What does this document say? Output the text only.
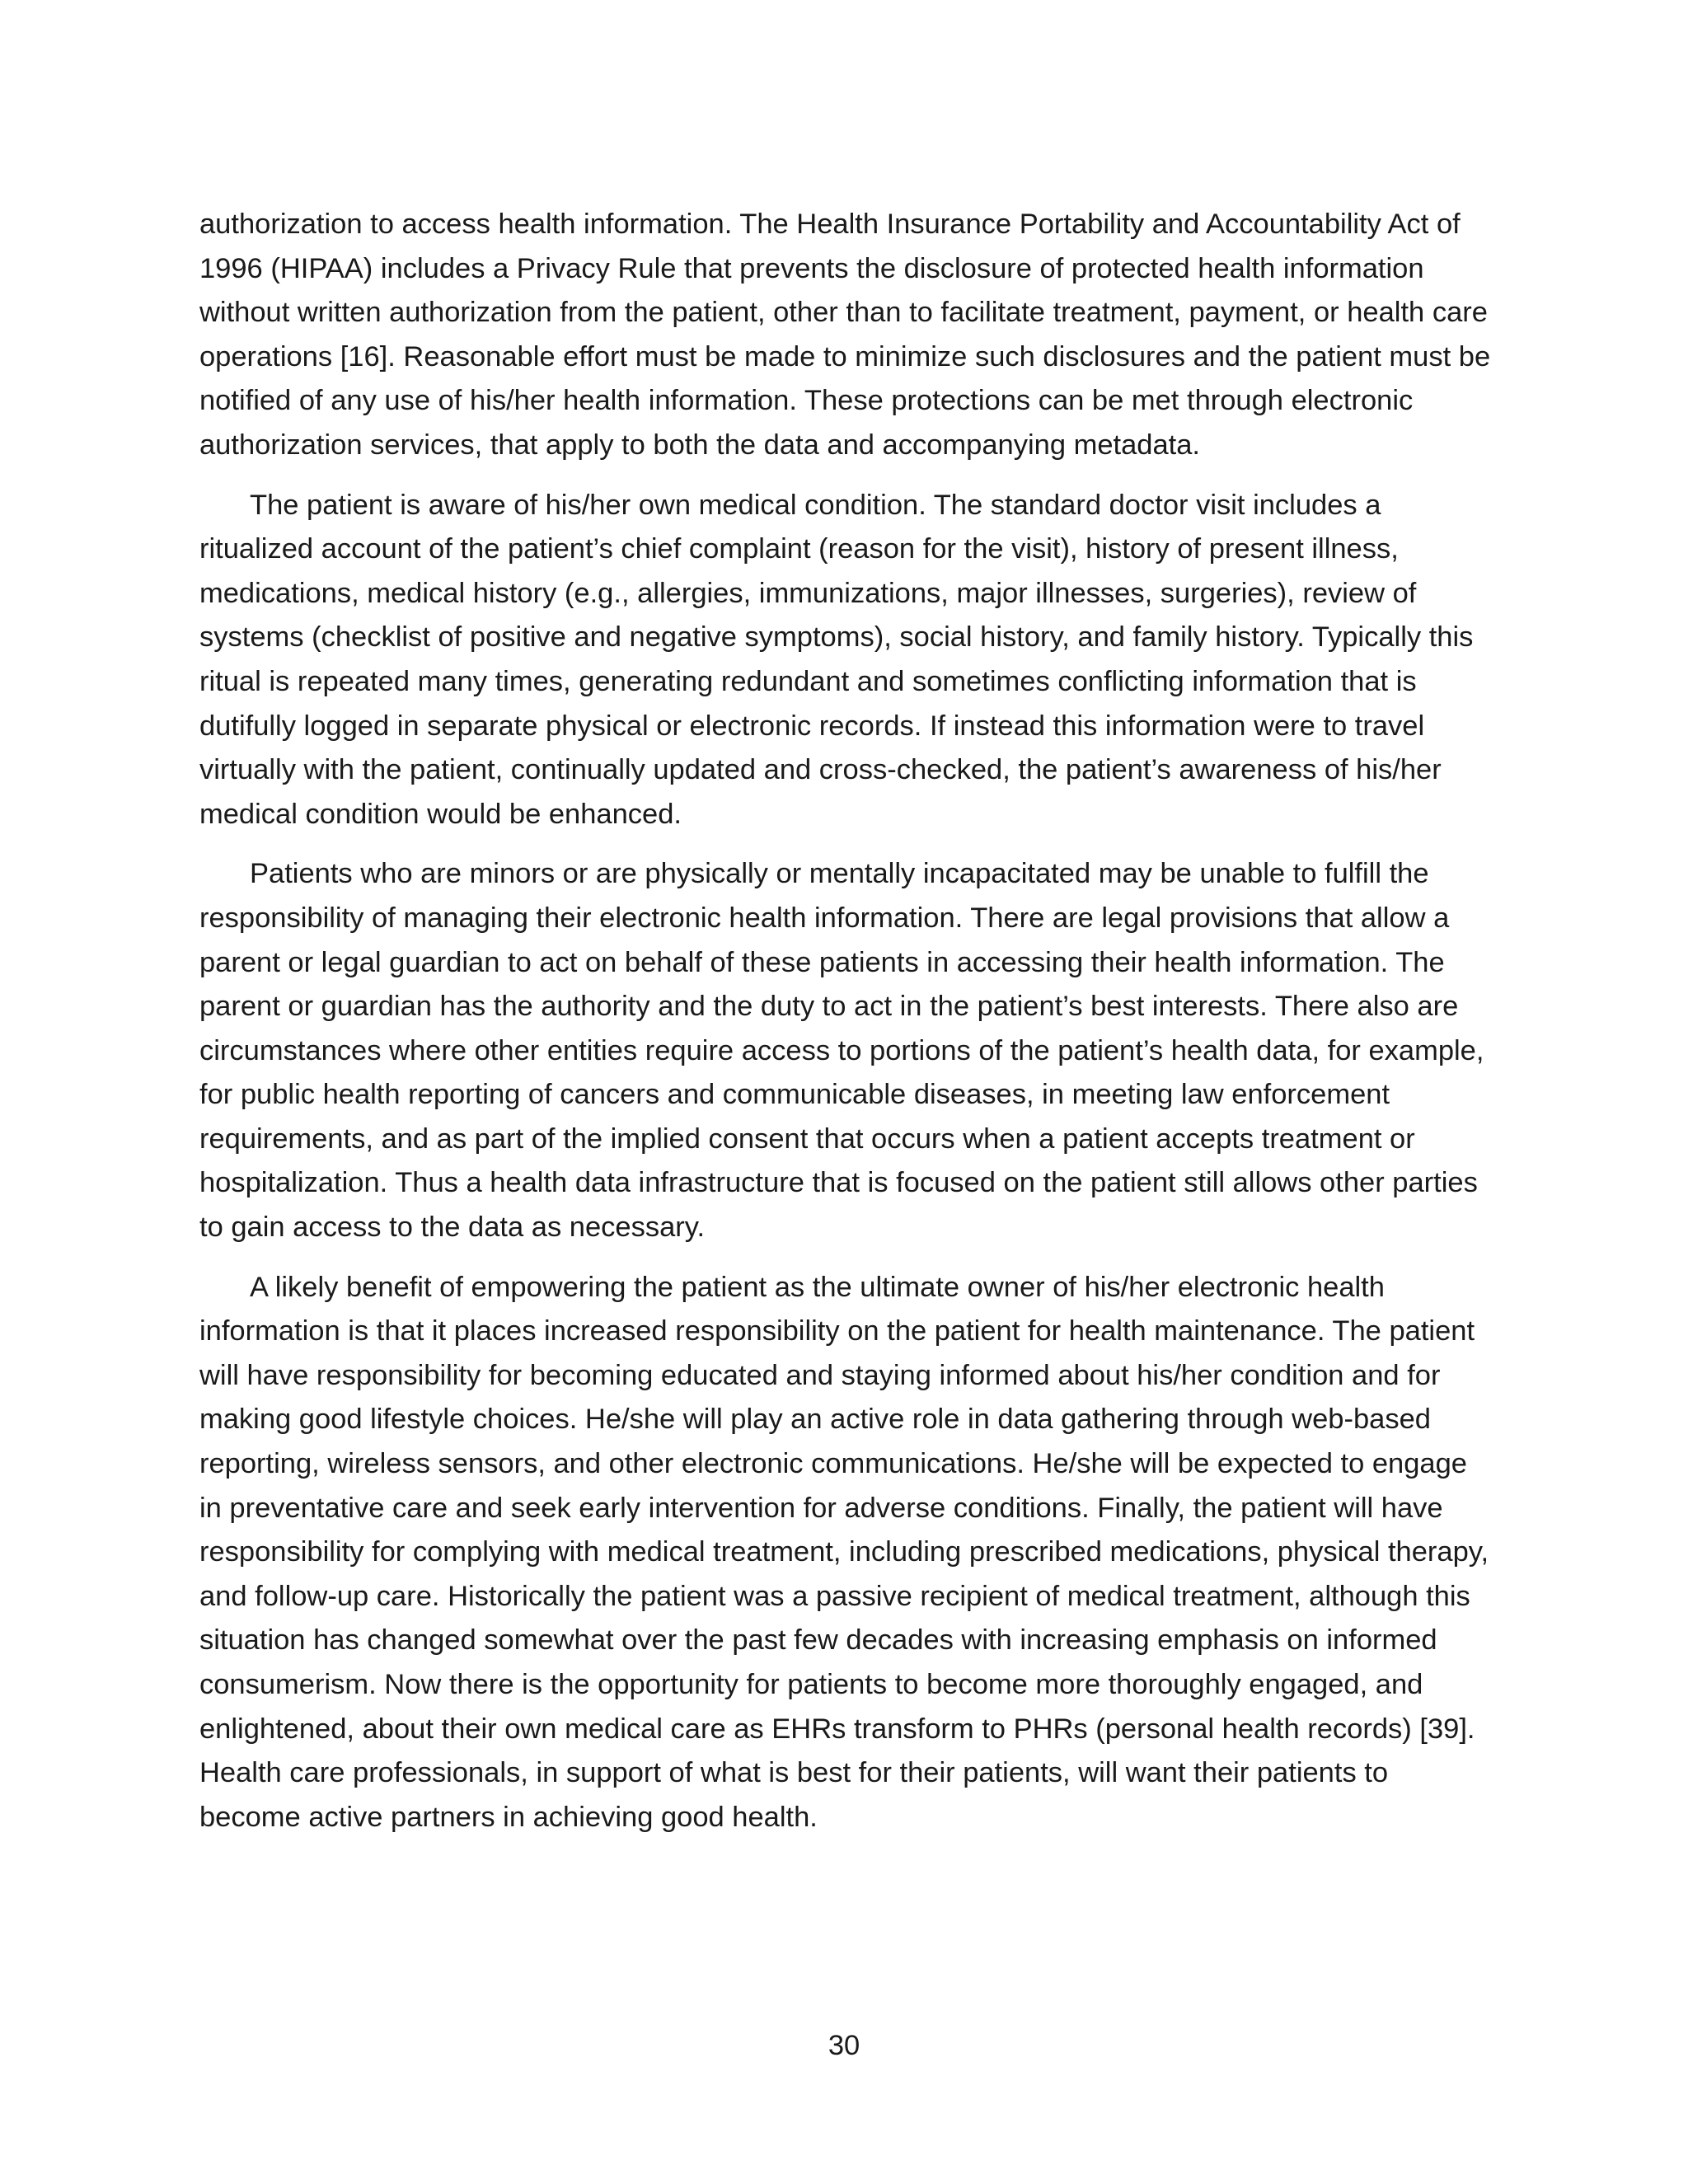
authorization to access health information. The Health Insurance Portability and Accountability Act of 1996 (HIPAA) includes a Privacy Rule that prevents the disclosure of protected health information without written authorization from the patient, other than to facilitate treatment, payment, or health care operations [16]. Reasonable effort must be made to minimize such disclosures and the patient must be notified of any use of his/her health information. These protections can be met through electronic authorization services, that apply to both the data and accompanying metadata.

The patient is aware of his/her own medical condition. The standard doctor visit includes a ritualized account of the patient’s chief complaint (reason for the visit), history of present illness, medications, medical history (e.g., allergies, immunizations, major illnesses, surgeries), review of systems (checklist of positive and negative symptoms), social history, and family history. Typically this ritual is repeated many times, generating redundant and sometimes conflicting information that is dutifully logged in separate physical or electronic records. If instead this information were to travel virtually with the patient, continually updated and cross-checked, the patient’s awareness of his/her medical condition would be enhanced.

Patients who are minors or are physically or mentally incapacitated may be unable to fulfill the responsibility of managing their electronic health information. There are legal provisions that allow a parent or legal guardian to act on behalf of these patients in accessing their health information. The parent or guardian has the authority and the duty to act in the patient’s best interests. There also are circumstances where other entities require access to portions of the patient’s health data, for example, for public health reporting of cancers and communicable diseases, in meeting law enforcement requirements, and as part of the implied consent that occurs when a patient accepts treatment or hospitalization. Thus a health data infrastructure that is focused on the patient still allows other parties to gain access to the data as necessary.

A likely benefit of empowering the patient as the ultimate owner of his/her electronic health information is that it places increased responsibility on the patient for health maintenance. The patient will have responsibility for becoming educated and staying informed about his/her condition and for making good lifestyle choices. He/she will play an active role in data gathering through web-based reporting, wireless sensors, and other electronic communications. He/she will be expected to engage in preventative care and seek early intervention for adverse conditions. Finally, the patient will have responsibility for complying with medical treatment, including prescribed medications, physical therapy, and follow-up care. Historically the patient was a passive recipient of medical treatment, although this situation has changed somewhat over the past few decades with increasing emphasis on informed consumerism. Now there is the opportunity for patients to become more thoroughly engaged, and enlightened, about their own medical care as EHRs transform to PHRs (personal health records) [39]. Health care professionals, in support of what is best for their patients, will want their patients to become active partners in achieving good health.

30
